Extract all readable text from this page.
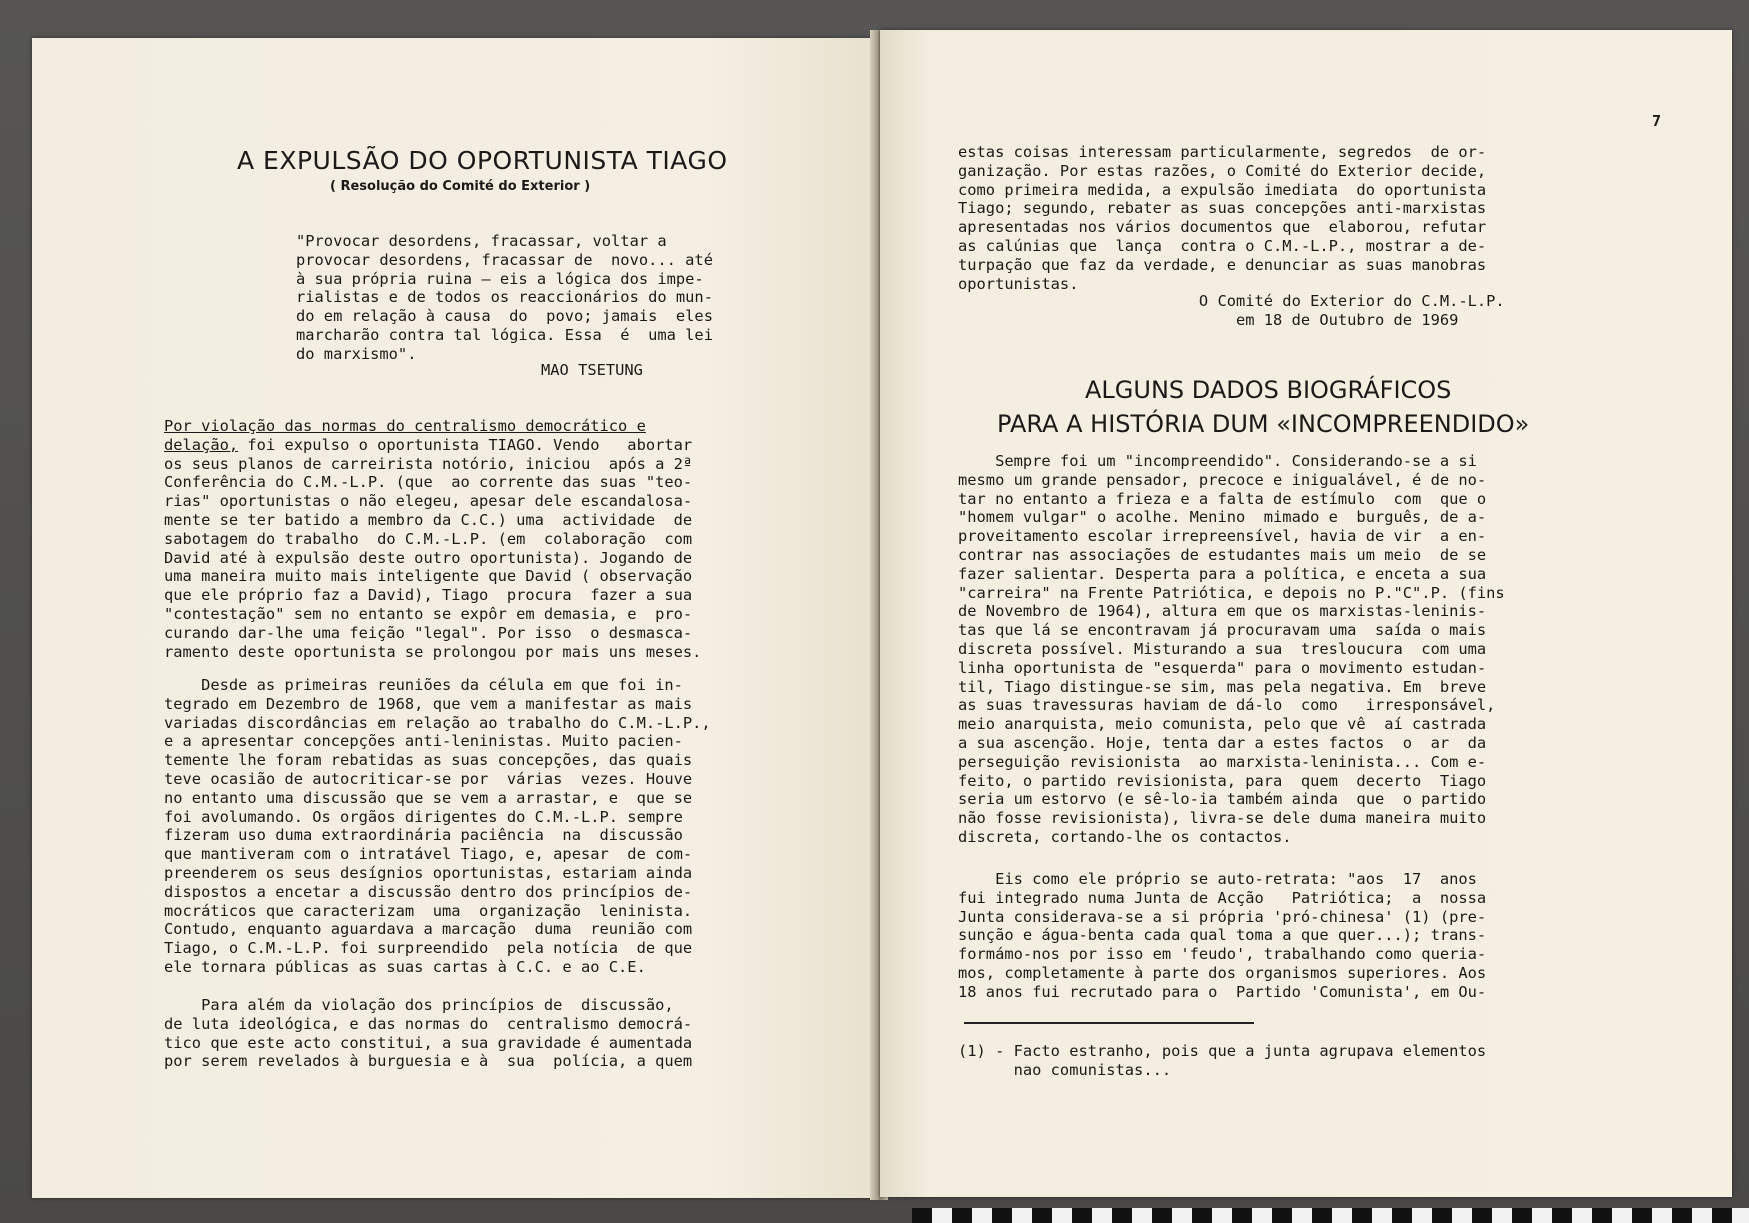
A EXPULSÃO DO OPORTUNISTA TIAGO
( Resolução do Comité do Exterior )

"Provocar desordens, fracassar, voltar a
provocar desordens, fracassar de  novo... até
à sua própria ruina — eis a lógica dos impe-
rialistas e de todos os reaccionários do mun-
do em relação à causa  do  povo; jamais  eles
marcharão contra tal lógica. Essa  é  uma lei
do marxismo".

MAO TSETUNG

Por violação das normas do centralismo democrático e
delação, foi expulso o oportunista TIAGO. Vendo   abortar
os seus planos de carreirista notório, iniciou  após a 2ª
Conferência do C.M.-L.P. (que  ao corrente das suas "teo-
rias" oportunistas o não elegeu, apesar dele escandalosa-
mente se ter batido a membro da C.C.) uma  actividade  de
sabotagem do trabalho  do C.M.-L.P. (em  colaboração  com
David até à expulsão deste outro oportunista). Jogando de
uma maneira muito mais inteligente que David ( observação
que ele próprio faz a David), Tiago  procura  fazer a sua
"contestação" sem no entanto se expôr em demasia, e  pro-
curando dar-lhe uma feição "legal". Por isso  o desmasca-
ramento deste oportunista se prolongou por mais uns meses.

Desde as primeiras reuniões da célula em que foi in-
tegrado em Dezembro de 1968, que vem a manifestar as mais
variadas discordâncias em relação ao trabalho do C.M.-L.P.,
e a apresentar concepções anti-leninistas. Muito pacien-
temente lhe foram rebatidas as suas concepções, das quais
teve ocasião de autocriticar-se por  várias  vezes. Houve
no entanto uma discussão que se vem a arrastar, e  que se
foi avolumando. Os orgãos dirigentes do C.M.-L.P. sempre
fizeram uso duma extraordinária paciência  na  discussão
que mantiveram com o intratável Tiago, e, apesar  de com-
preenderem os seus desígnios oportunistas, estariam ainda
dispostos a encetar a discussão dentro dos princípios de-
mocráticos que caracterizam  uma  organização  leninista.
Contudo, enquanto aguardava a marcação  duma  reunião com
Tiago, o C.M.-L.P. foi surpreendido  pela notícia  de que
ele tornara públicas as suas cartas à C.C. e ao C.E.

Para além da violação dos princípios de  discussão,
de luta ideológica, e das normas do  centralismo democrá-
tico que este acto constitui, a sua gravidade é aumentada
por serem revelados à burguesia e à  sua  polícia, a quem

7

estas coisas interessam particularmente, segredos  de or-
ganização. Por estas razões, o Comité do Exterior decide,
como primeira medida, a expulsão imediata  do oportunista
Tiago; segundo, rebater as suas concepções anti-marxistas
apresentadas nos vários documentos que  elaborou, refutar
as calúnias que  lança  contra o C.M.-L.P., mostrar a de-
turpação que faz da verdade, e denunciar as suas manobras
oportunistas.

O Comité do Exterior do C.M.-L.P.
em 18 de Outubro de 1969

ALGUNS DADOS BIOGRÁFICOS
PARA A HISTÓRIA DUM «INCOMPREENDIDO»

Sempre foi um "incompreendido". Considerando-se a si
mesmo um grande pensador, precoce e inigualável, é de no-
tar no entanto a frieza e a falta de estímulo  com  que o
"homem vulgar" o acolhe. Menino  mimado e  burguês, de a-
proveitamento escolar irrepreensível, havia de vir  a en-
contrar nas associações de estudantes mais um meio  de se
fazer salientar. Desperta para a política, e enceta a sua
"carreira" na Frente Patriótica, e depois no P."C".P. (fins
de Novembro de 1964), altura em que os marxistas-leninis-
tas que lá se encontravam já procuravam uma  saída o mais
discreta possível. Misturando a sua  tresloucura  com uma
linha oportunista de "esquerda" para o movimento estudan-
til, Tiago distingue-se sim, mas pela negativa. Em  breve
as suas travessuras haviam de dá-lo  como   irresponsável,
meio anarquista, meio comunista, pelo que vê  aí castrada
a sua ascenção. Hoje, tenta dar a estes factos  o  ar  da
perseguição revisionista  ao marxista-leninista... Com e-
feito, o partido revisionista, para  quem  decerto  Tiago
seria um estorvo (e sê-lo-ia também ainda  que  o partido
não fosse revisionista), livra-se dele duma maneira muito
discreta, cortando-lhe os contactos.

Eis como ele próprio se auto-retrata: "aos  17  anos
fui integrado numa Junta de Acção   Patriótica;  a  nossa
Junta considerava-se a si própria 'pró-chinesa' (1) (pre-
sunção e água-benta cada qual toma a que quer...); trans-
formámo-nos por isso em 'feudo', trabalhando como queria-
mos, completamente à parte dos organismos superiores. Aos
18 anos fui recrutado para o  Partido 'Comunista', em Ou-

(1) - Facto estranho, pois que a junta agrupava elementos
nao comunistas...
